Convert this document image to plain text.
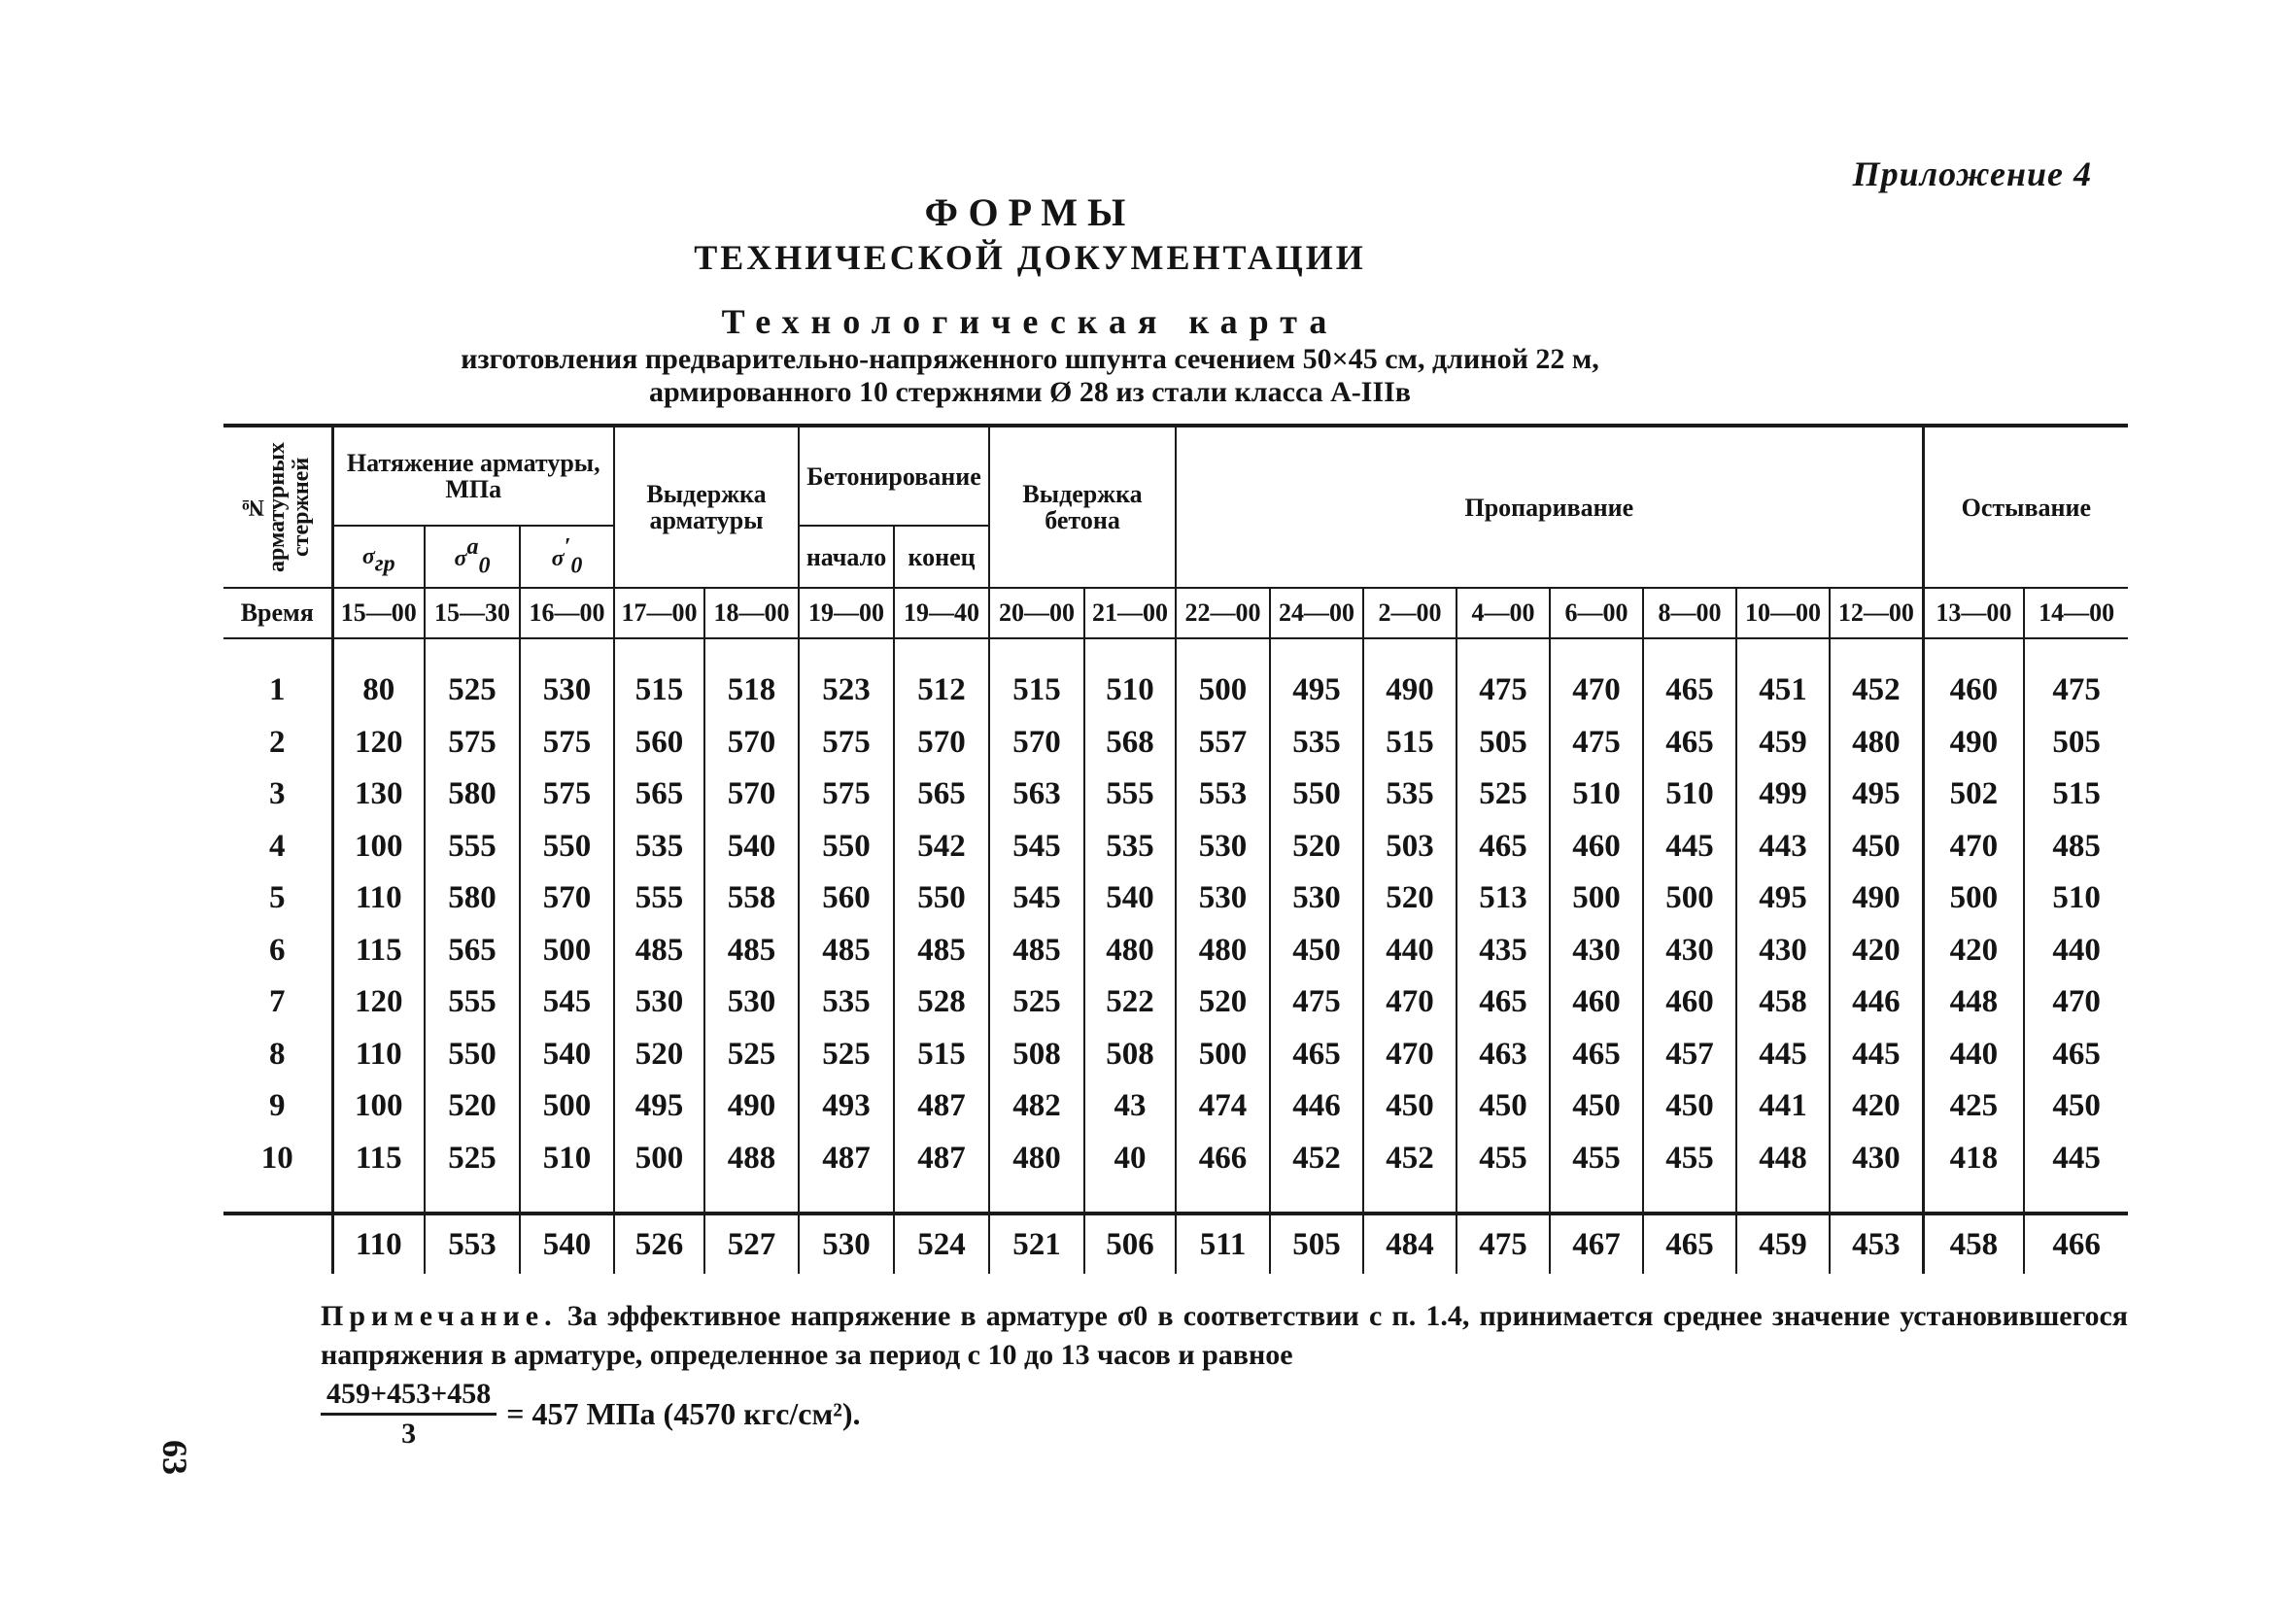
Приложение 4
ФОРМЫ
ТЕХНИЧЕСКОЙ ДОКУМЕНТАЦИИ
Технологическая карта
изготовления предварительно-напряженного шпунта сечением 50×45 см, длиной 22 м,
армированного 10 стержнями Ø 28 из стали класса А-IIIв
№ арматурных стержней	Натяжение арматуры, МПа			Выдержка арматуры		Бетонирование		Выдержка бетона		Пропаривание								Остывание	
	$\sigma_{гр}$	$\sigma^a_0$	$\sigma'_0$			начало	конец												
Время	15—00	15—30	16—00	17—00	18—00	19—00	19—40	20—00	21—00	22—00	24—00	2—00	4—00	6—00	8—00	10—00	12—00	13—00	14—00

1	80	525	530	515	518	523	512	515	510	500	495	490	475	470	465	451	452	460	475
2	120	575	575	560	570	575	570	570	568	557	535	515	505	475	465	459	480	490	505
3	130	580	575	565	570	575	565	563	555	553	550	535	525	510	510	499	495	502	515
4	100	555	550	535	540	550	542	545	535	530	520	503	465	460	445	443	450	470	485
5	110	580	570	555	558	560	550	545	540	530	530	520	513	500	500	495	490	500	510
6	115	565	500	485	485	485	485	485	480	480	450	440	435	430	430	430	420	420	440
7	120	555	545	530	530	535	528	525	522	520	475	470	465	460	460	458	446	448	470
8	110	550	540	520	525	525	515	508	508	500	465	470	463	465	457	445	445	440	465
9	100	520	500	495	490	493	487	482	43	474	446	450	450	450	450	441	420	425	450
10	115	525	510	500	488	487	487	480	40	466	452	452	455	455	455	448	430	418	445

	110	553	540	526	527	530	524	521	506	511	505	484	475	467	465	459	453	458	466
Примечание. За эффективное напряжение в арматуре σ0 в соответствии с п. 1.4, принимается среднее значение установившегося напряжения в арматуре, определенное за период с 10 до 13 часов и равное
$\frac{459+453+458}{3} = 457$ МПа (4570 кгс/см²).
63
